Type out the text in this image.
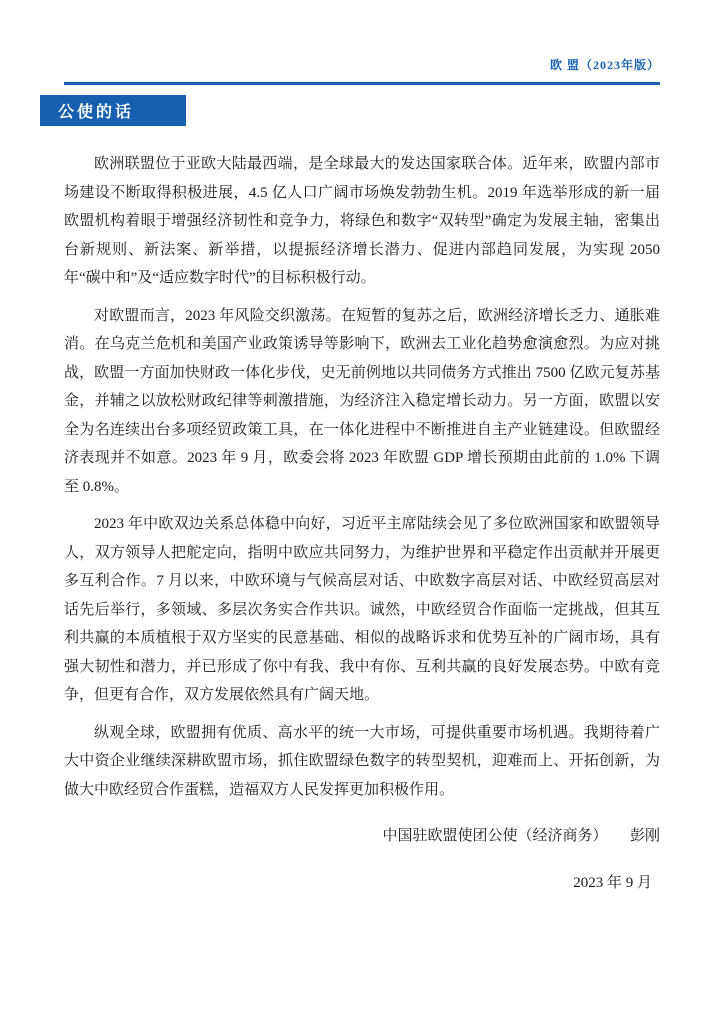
欧 盟（2023年版）
公使的话

欧洲联盟位于亚欧大陆最西端，是全球最大的发达国家联合体。近年来，欧盟内部市场建设不断取得积极进展，4.5 亿人口广阔市场焕发勃勃生机。2019 年选举形成的新一届欧盟机构着眼于增强经济韧性和竞争力，将绿色和数字“双转型”确定为发展主轴，密集出台新规则、新法案、新举措，以提振经济增长潜力、促进内部趋同发展，为实现 2050 年“碳中和”及“适应数字时代”的目标积极行动。

对欧盟而言，2023 年风险交织激荡。在短暂的复苏之后，欧洲经济增长乏力、通胀难消。在乌克兰危机和美国产业政策诱导等影响下，欧洲去工业化趋势愈演愈烈。为应对挑战，欧盟一方面加快财政一体化步伐，史无前例地以共同债务方式推出 7500 亿欧元复苏基金，并辅之以放松财政纪律等刺激措施，为经济注入稳定增长动力。另一方面，欧盟以安全为名连续出台多项经贸政策工具，在一体化进程中不断推进自主产业链建设。但欧盟经济表现并不如意。2023 年 9 月，欧委会将 2023 年欧盟 GDP 增长预期由此前的 1.0% 下调至 0.8%。

2023 年中欧双边关系总体稳中向好，习近平主席陆续会见了多位欧洲国家和欧盟领导人，双方领导人把舵定向，指明中欧应共同努力，为维护世界和平稳定作出贡献并开展更多互利合作。7 月以来，中欧环境与气候高层对话、中欧数字高层对话、中欧经贸高层对话先后举行，多领域、多层次务实合作共识。诚然，中欧经贸合作面临一定挑战，但其互利共赢的本质植根于双方坚实的民意基础、相似的战略诉求和优势互补的广阔市场，具有强大韧性和潜力，并已形成了你中有我、我中有你、互利共赢的良好发展态势。中欧有竞争，但更有合作，双方发展依然具有广阔天地。

纵观全球，欧盟拥有优质、高水平的统一大市场，可提供重要市场机遇。我期待着广大中资企业继续深耕欧盟市场，抓住欧盟绿色数字的转型契机，迎难而上、开拓创新，为做大中欧经贸合作蛋糕，造福双方人民发挥更加积极作用。

中国驻欧盟使团公使（经济商务）　　彭刚
2023 年 9 月
